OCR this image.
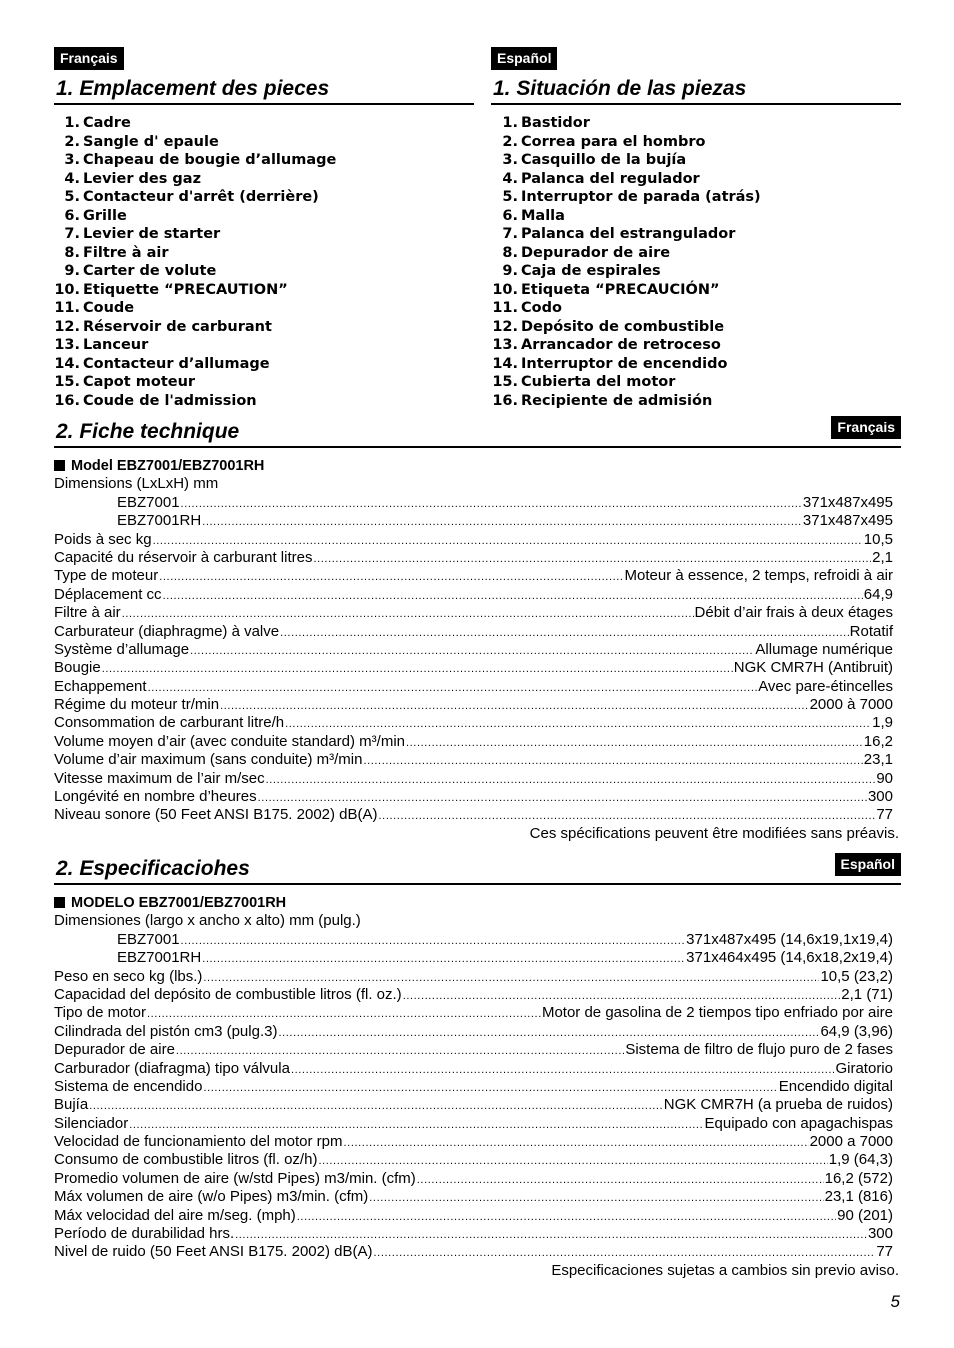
Français
1. Emplacement des pieces
1. Cadre
2. Sangle d' epaule
3. Chapeau de bougie d’allumage
4. Levier des gaz
5. Contacteur d'arrêt (derrière)
6. Grille
7. Levier de starter
8. Filtre à air
9. Carter de volute
10. Etiquette “PRECAUTION”
11. Coude
12. Réservoir de carburant
13. Lanceur
14. Contacteur d’allumage
15. Capot moteur
16. Coude de l'admission
Español
1. Situación de las piezas
1. Bastidor
2. Correa para el hombro
3. Casquillo de la bujía
4. Palanca del regulador
5. Interruptor de parada (atrás)
6. Malla
7. Palanca del estrangulador
8. Depurador de aire
9. Caja de espirales
10. Etiqueta “PRECAUCIÓN”
11. Codo
12. Depósito de combustible
13. Arrancador de retroceso
14. Interruptor de encendido
15. Cubierta del motor
16. Recipiente de admisión
2. Fiche technique	Français
Model EBZ7001/EBZ7001RH
Dimensions (LxLxH) mm
EBZ7001 .....	371x487x495
EBZ7001RH .....	371x487x495
Poids à sec kg .....	10,5
Capacité du réservoir à carburant litres .....	2,1
Type de moteur .....	Moteur à essence, 2 temps, refroidi à air
Déplacement cc .....	64,9
Filtre à air .....	Débit d’air frais à deux étages
Carburateur (diaphragme) à valve .....	Rotatif
Système d’allumage .....	Allumage numérique
Bougie .....	NGK CMR7H (Antibruit)
Echappement .....	Avec pare-étincelles
Régime du moteur tr/min .....	2000 à 7000
Consommation de carburant litre/h .....	1,9
Volume moyen d’air (avec conduite standard) m³/min .....	16,2
Volume d’air maximum (sans conduite) m³/min .....	23,1
Vitesse maximum de l’air m/sec .....	90
Longévité en nombre d’heures .....	300
Niveau sonore (50 Feet ANSI B175. 2002) dB(A) .....	77
Ces spécifications peuvent être modifiées sans préavis.
2. Especificaciohes	Español
MODELO EBZ7001/EBZ7001RH
Dimensiones (largo x ancho x alto) mm (pulg.)
EBZ7001 .....	371x487x495 (14,6x19,1x19,4)
EBZ7001RH .....	371x464x495 (14,6x18,2x19,4)
Peso en seco kg (lbs.) .....	10,5 (23,2)
Capacidad del depósito de combustible litros (fl. oz.) .....	2,1 (71)
Tipo de motor .....	Motor de gasolina de 2 tiempos tipo enfriado por aire
Cilindrada del pistón cm3 (pulg.3) .....	64,9 (3,96)
Depurador de aire .....	Sistema de filtro de flujo puro de 2 fases
Carburador (diafragma) tipo válvula .....	Giratorio
Sistema de encendido .....	Encendido digital
Bujía .....	NGK CMR7H (a prueba de ruidos)
Silenciador .....	Equipado con apagachispas
Velocidad de funcionamiento del motor rpm .....	2000 a 7000
Consumo de combustible litros (fl. oz/h) .....	1,9 (64,3)
Promedio volumen de aire (w/std Pipes) m3/min. (cfm) .....	16,2 (572)
Máx volumen de aire (w/o Pipes) m3/min. (cfm) .....	23,1 (816)
Máx velocidad del aire m/seg. (mph) .....	90 (201)
Período de durabilidad hrs. .....	300
Nivel de ruido (50 Feet ANSI B175. 2002) dB(A) .....	77
Especificaciones sujetas a cambios sin previo aviso.
5
